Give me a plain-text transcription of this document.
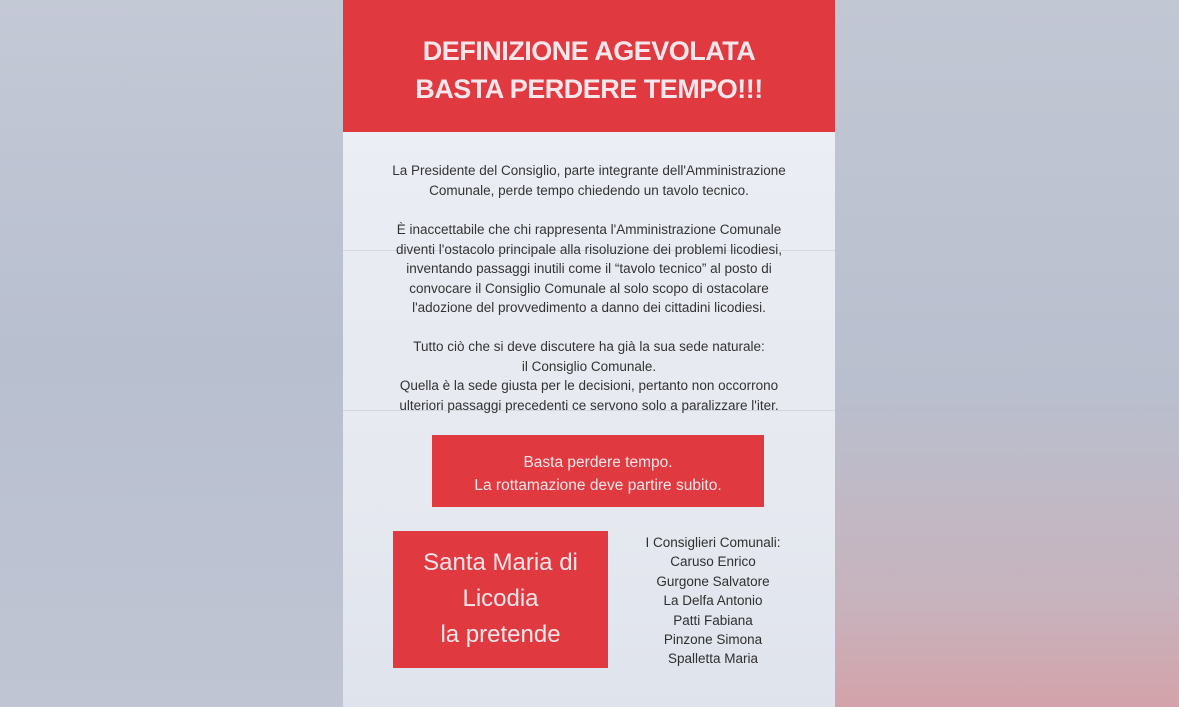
DEFINIZIONE AGEVOLATA
BASTA PERDERE TEMPO!!!
La Presidente del Consiglio, parte integrante dell'Amministrazione
Comunale, perde tempo chiedendo un tavolo tecnico.
È inaccettabile che chi rappresenta l'Amministrazione Comunale
diventi l'ostacolo principale alla risoluzione dei problemi licodiesi,
inventando passaggi inutili come il “tavolo tecnico” al posto di
convocare il Consiglio Comunale al solo scopo di ostacolare
l'adozione del provvedimento a danno dei cittadini licodiesi.
Tutto ciò che si deve discutere ha già la sua sede naturale:
il Consiglio Comunale.
Quella è la sede giusta per le decisioni, pertanto non occorrono
ulteriori passaggi precedenti ce servono solo a paralizzare l'iter.
Basta perdere tempo.
La rottamazione deve partire subito.
Santa Maria di
Licodia
la pretende
I Consiglieri Comunali:
Caruso Enrico
Gurgone Salvatore
La Delfa Antonio
Patti Fabiana
Pinzone Simona
Spalletta Maria
